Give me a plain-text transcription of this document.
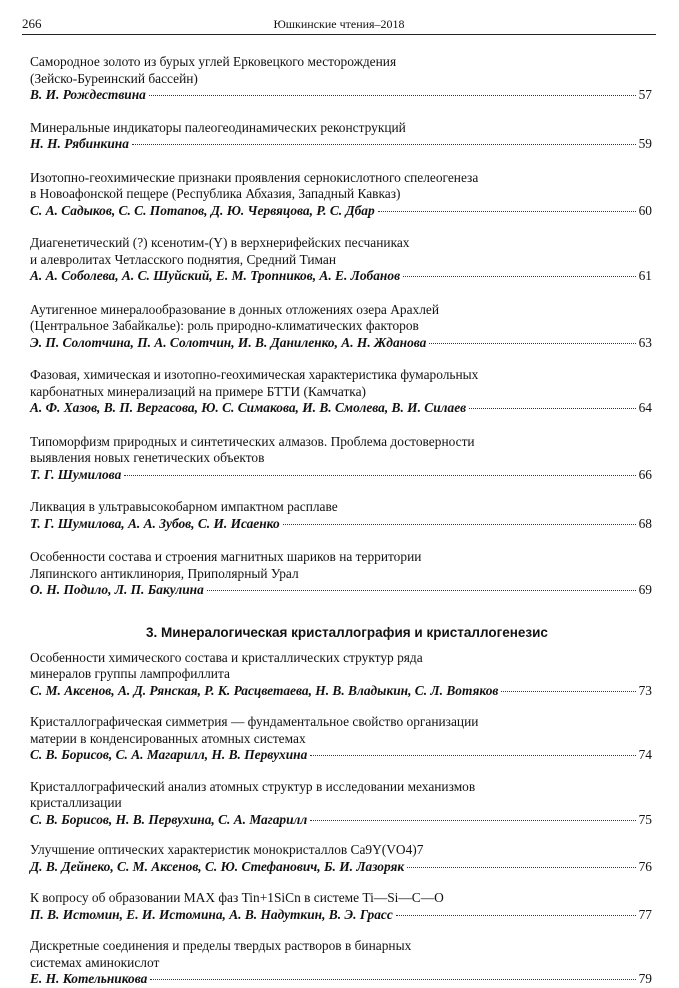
266	Юшкинские чтения–2018
Самородное золото из бурых углей Ерковецкого месторождения
(Зейско-Буреинский бассейн)
В. И. Рождествина	57
Минеральные индикаторы палеогеодинамических реконструкций
Н. Н. Рябинкина	59
Изотопно-геохимические признаки проявления сернокислотного спелеогенеза
в Новоафонской пещере (Республика Абхазия, Западный Кавказ)
С. А. Садыков, С. С. Потапов, Д. Ю. Червяцова, Р. С. Дбар	60
Диагенетический (?) ксенотим-(Y) в верхнерифейских песчаниках
и алевролитах Четласского поднятия, Средний Тиман
А. А. Соболева, А. С. Шуйский, Е. М. Тропников, А. Е. Лобанов	61
Аутигенное минералообразование в донных отложениях озера Арахлей
(Центральное Забайкалье): роль природно-климатических факторов
Э. П. Солотчина, П. А. Солотчин, И. В. Даниленко, А. Н. Жданова	63
Фазовая, химическая и изотопно-геохимическая характеристика фумарольных
карбонатных минерализаций на примере БТТИ (Камчатка)
А. Ф. Хазов, В. П. Вергасова, Ю. С. Симакова, И. В. Смолева, В. И. Силаев	64
Типоморфизм природных и синтетических алмазов. Проблема достоверности
выявления новых генетических объектов
Т. Г. Шумилова	66
Ликвация в ультравысокобарном импактном расплаве
Т. Г. Шумилова, А. А. Зубов, С. И. Исаенко	68
Особенности состава и строения магнитных шариков на территории
Ляпинского антиклинория, Приполярный Урал
О. Н. Подило, Л. П. Бакулина	69
3. Минералогическая кристаллография и кристаллогенезис
Особенности химического состава и кристаллических структур ряда
минералов группы лампрофиллита
С. М. Аксенов, А. Д. Рянская, Р. К. Расцветаева, Н. В. Владыкин, С. Л. Вотяков	73
Кристаллографическая симметрия — фундаментальное свойство организации
материи в конденсированных атомных системах
С. В. Борисов, С. А. Магарилл, Н. В. Первухина	74
Кристаллографический анализ атомных структур в исследовании механизмов
кристаллизации
С. В. Борисов, Н. В. Первухина, С. А. Магарилл	75
Улучшение оптических характеристик монокристаллов Ca9Y(VO4)7
Д. В. Дейнеко, С. М. Аксенов, С. Ю. Стефанович, Б. И. Лазоряк	76
К вопросу об образовании MAX фаз Tin+1SiCn в системе Ti—Si—C—O
П. В. Истомин, Е. И. Истомина, А. В. Надуткин, В. Э. Грасс	77
Дискретные соединения и пределы твердых растворов в бинарных
системах аминокислот
Е. Н. Котельникова	79
